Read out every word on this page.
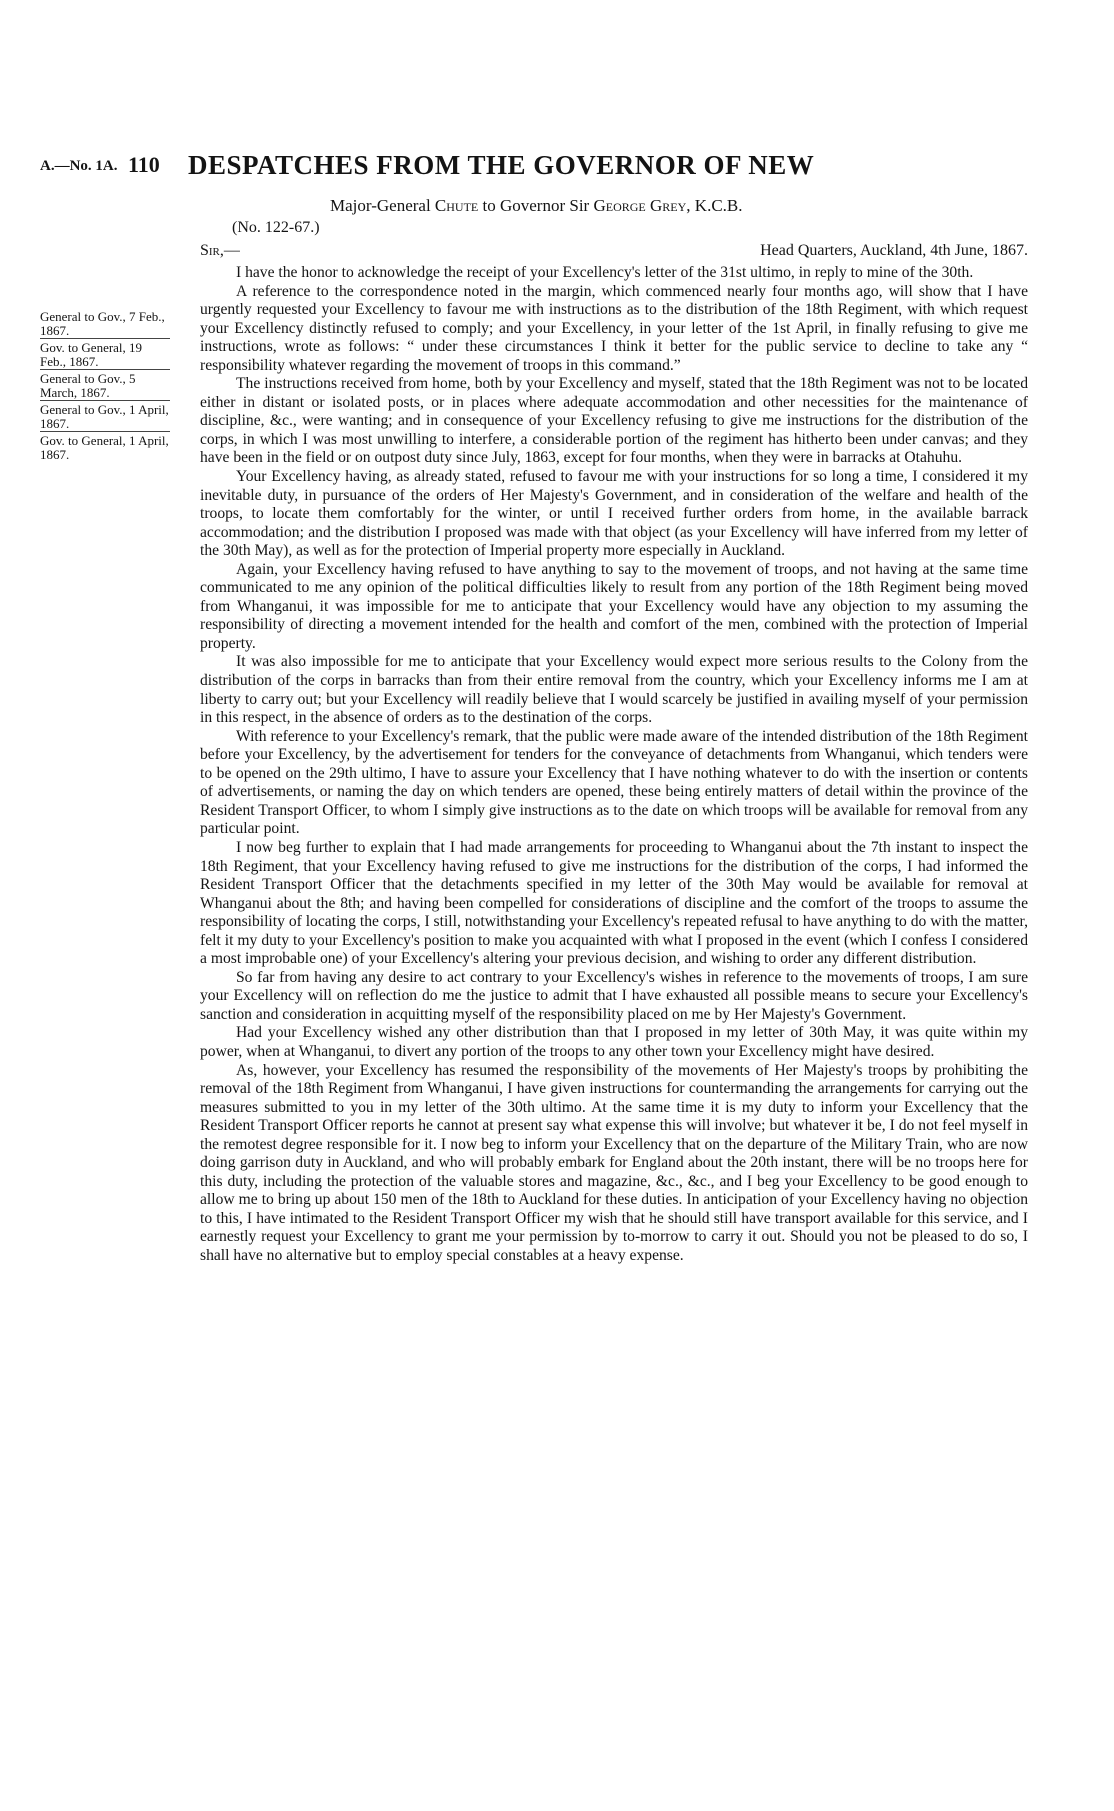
A.—No. 1A. 110 DESPATCHES FROM THE GOVERNOR OF NEW
Major-General Chute to Governor Sir George Grey, K.C.B.
(No. 122-67.)
Sir,—	Head Quarters, Auckland, 4th June, 1867.
General to Gov., 7 Feb., 1867.
Gov. to General, 19 Feb., 1867.
General to Gov., 5 March, 1867.
General to Gov., 1 April, 1867.
Gov. to General, 1 April, 1867.

I have the honor to acknowledge the receipt of your Excellency's letter of the 31st ultimo, in reply to mine of the 30th.

A reference to the correspondence noted in the margin, which commenced nearly four months ago, will show that I have urgently requested your Excellency to favour me with instructions as to the distribution of the 18th Regiment, with which request your Excellency distinctly refused to comply; and your Excellency, in your letter of the 1st April, in finally refusing to give me instructions, wrote as follows: “ under these circumstances I think it better for the public service to decline to take any “ responsibility whatever regarding the movement of troops in this command.”

The instructions received from home, both by your Excellency and myself, stated that the 18th Regiment was not to be located either in distant or isolated posts, or in places where adequate accommodation and other necessities for the maintenance of discipline, &c., were wanting; and in consequence of your Excellency refusing to give me instructions for the distribution of the corps, in which I was most unwilling to interfere, a considerable portion of the regiment has hitherto been under canvas; and they have been in the field or on outpost duty since July, 1863, except for four months, when they were in barracks at Otahuhu.

Your Excellency having, as already stated, refused to favour me with your instructions for so long a time, I considered it my inevitable duty, in pursuance of the orders of Her Majesty's Government, and in consideration of the welfare and health of the troops, to locate them comfortably for the winter, or until I received further orders from home, in the available barrack accommodation; and the distribution I proposed was made with that object (as your Excellency will have inferred from my letter of the 30th May), as well as for the protection of Imperial property more especially in Auckland.

Again, your Excellency having refused to have anything to say to the movement of troops, and not having at the same time communicated to me any opinion of the political difficulties likely to result from any portion of the 18th Regiment being moved from Whanganui, it was impossible for me to anticipate that your Excellency would have any objection to my assuming the responsibility of directing a movement intended for the health and comfort of the men, combined with the protection of Imperial property.

It was also impossible for me to anticipate that your Excellency would expect more serious results to the Colony from the distribution of the corps in barracks than from their entire removal from the country, which your Excellency informs me I am at liberty to carry out; but your Excellency will readily believe that I would scarcely be justified in availing myself of your permission in this respect, in the absence of orders as to the destination of the corps.

With reference to your Excellency's remark, that the public were made aware of the intended distribution of the 18th Regiment before your Excellency, by the advertisement for tenders for the conveyance of detachments from Whanganui, which tenders were to be opened on the 29th ultimo, I have to assure your Excellency that I have nothing whatever to do with the insertion or contents of advertisements, or naming the day on which tenders are opened, these being entirely matters of detail within the province of the Resident Transport Officer, to whom I simply give instructions as to the date on which troops will be available for removal from any particular point.

I now beg further to explain that I had made arrangements for proceeding to Whanganui about the 7th instant to inspect the 18th Regiment, that your Excellency having refused to give me instructions for the distribution of the corps, I had informed the Resident Transport Officer that the detachments specified in my letter of the 30th May would be available for removal at Whanganui about the 8th; and having been compelled for considerations of discipline and the comfort of the troops to assume the responsibility of locating the corps, I still, notwithstanding your Excellency's repeated refusal to have anything to do with the matter, felt it my duty to your Excellency's position to make you acquainted with what I proposed in the event (which I confess I considered a most improbable one) of your Excellency's altering your previous decision, and wishing to order any different distribution.

So far from having any desire to act contrary to your Excellency's wishes in reference to the movements of troops, I am sure your Excellency will on reflection do me the justice to admit that I have exhausted all possible means to secure your Excellency's sanction and consideration in acquitting myself of the responsibility placed on me by Her Majesty's Government.

Had your Excellency wished any other distribution than that I proposed in my letter of 30th May, it was quite within my power, when at Whanganui, to divert any portion of the troops to any other town your Excellency might have desired.

As, however, your Excellency has resumed the responsibility of the movements of Her Majesty's troops by prohibiting the removal of the 18th Regiment from Whanganui, I have given instructions for countermanding the arrangements for carrying out the measures submitted to you in my letter of the 30th ultimo. At the same time it is my duty to inform your Excellency that the Resident Transport Officer reports he cannot at present say what expense this will involve; but whatever it be, I do not feel myself in the remotest degree responsible for it. I now beg to inform your Excellency that on the departure of the Military Train, who are now doing garrison duty in Auckland, and who will probably embark for England about the 20th instant, there will be no troops here for this duty, including the protection of the valuable stores and magazine, &c., &c., and I beg your Excellency to be good enough to allow me to bring up about 150 men of the 18th to Auckland for these duties. In anticipation of your Excellency having no objection to this, I have intimated to the Resident Transport Officer my wish that he should still have transport available for this service, and I earnestly request your Excellency to grant me your permission by to-morrow to carry it out. Should you not be pleased to do so, I shall have no alternative but to employ special constables at a heavy expense.
